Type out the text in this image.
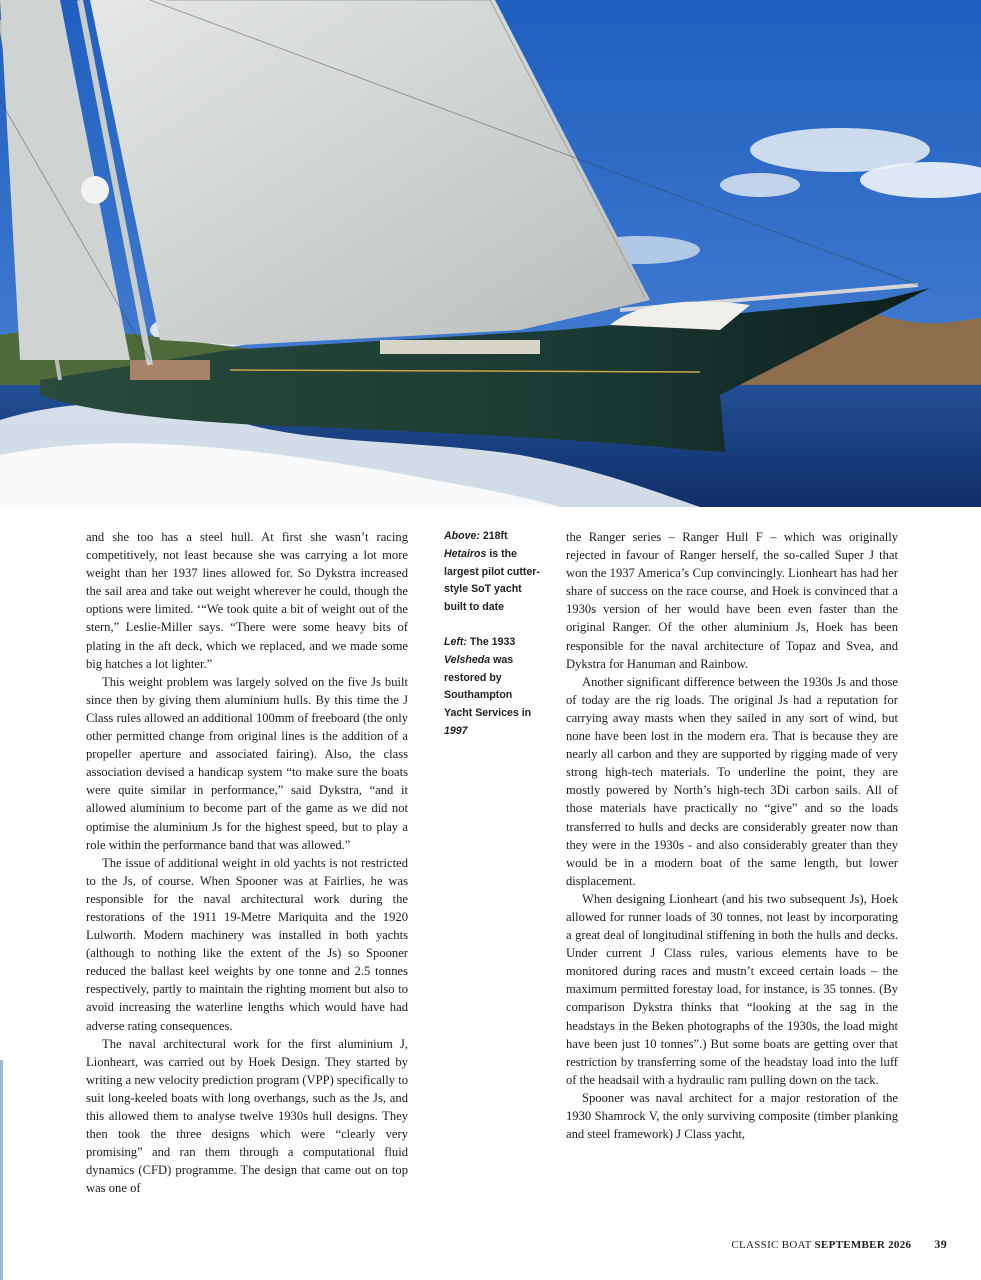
and she too has a steel hull. At first she wasn’t racing competitively, not least because she was carrying a lot more weight than her 1937 lines allowed for. So Dykstra increased the sail area and take out weight wherever he could, though the options were limited. ‘“We took quite a bit of weight out of the stern,” Leslie-Miller says. “There were some heavy bits of plating in the aft deck, which we replaced, and we made some big hatches a lot lighter.”

This weight problem was largely solved on the five Js built since then by giving them aluminium hulls. By this time the J Class rules allowed an additional 100mm of freeboard (the only other permitted change from original lines is the addition of a propeller aperture and associated fairing). Also, the class association devised a handicap system “to make sure the boats were quite similar in performance,” said Dykstra, “and it allowed aluminium to become part of the game as we did not optimise the aluminium Js for the highest speed, but to play a role within the performance band that was allowed.”

The issue of additional weight in old yachts is not restricted to the Js, of course. When Spooner was at Fairlies, he was responsible for the naval architectural work during the restorations of the 1911 19-Metre Mariquita and the 1920 Lulworth. Modern machinery was installed in both yachts (although to nothing like the extent of the Js) so Spooner reduced the ballast keel weights by one tonne and 2.5 tonnes respectively, partly to maintain the righting moment but also to avoid increasing the waterline lengths which would have had adverse rating consequences.

The naval architectural work for the first aluminium J, Lionheart, was carried out by Hoek Design. They started by writing a new velocity prediction program (VPP) specifically to suit long-keeled boats with long overhangs, such as the Js, and this allowed them to analyse twelve 1930s hull designs. They then took the three designs which were “clearly very promising” and ran them through a computational fluid dynamics (CFD) programme. The design that came out on top was one of

Above: 218ft Hetairos is the largest pilot cutter-style SoT yacht built to date
Left: The 1933 Velsheda was restored by Southampton Yacht Services in 1997

the Ranger series – Ranger Hull F – which was originally rejected in favour of Ranger herself, the so-called Super J that won the 1937 America’s Cup convincingly. Lionheart has had her share of success on the race course, and Hoek is convinced that a 1930s version of her would have been even faster than the original Ranger. Of the other aluminium Js, Hoek has been responsible for the naval architecture of Topaz and Svea, and Dykstra for Hanuman and Rainbow.

Another significant difference between the 1930s Js and those of today are the rig loads. The original Js had a reputation for carrying away masts when they sailed in any sort of wind, but none have been lost in the modern era. That is because they are nearly all carbon and they are supported by rigging made of very strong high-tech materials. To underline the point, they are mostly powered by North’s high-tech 3Di carbon sails. All of those materials have practically no “give” and so the loads transferred to hulls and decks are considerably greater now than they were in the 1930s - and also considerably greater than they would be in a modern boat of the same length, but lower displacement.

When designing Lionheart (and his two subsequent Js), Hoek allowed for runner loads of 30 tonnes, not least by incorporating a great deal of longitudinal stiffening in both the hulls and decks. Under current J Class rules, various elements have to be monitored during races and mustn’t exceed certain loads – the maximum permitted forestay load, for instance, is 35 tonnes. (By comparison Dykstra thinks that “looking at the sag in the headstays in the Beken photographs of the 1930s, the load might have been just 10 tonnes”.) But some boats are getting over that restriction by transferring some of the headstay load into the luff of the headsail with a hydraulic ram pulling down on the tack.

Spooner was naval architect for a major restoration of the 1930 Shamrock V, the only surviving composite (timber planking and steel framework) J Class yacht,

CLASSIC BOAT SEPTEMBER 2026 39
